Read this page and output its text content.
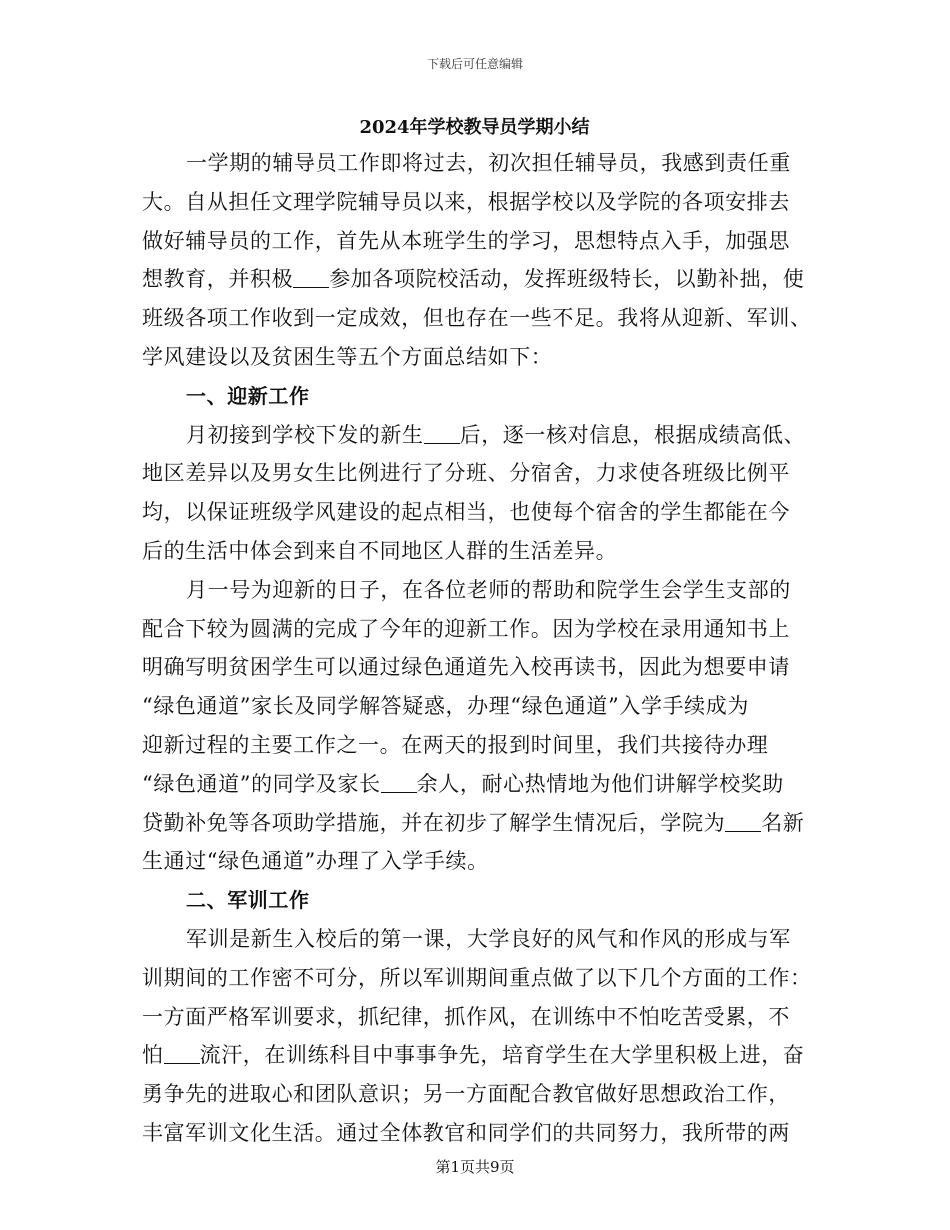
下载后可任意编辑
2024年学校教导员学期小结
一学期的辅导员工作即将过去，初次担任辅导员，我感到责任重
大。自从担任文理学院辅导员以来，根据学校以及学院的各项安排去
做好辅导员的工作，首先从本班学生的学习，思想特点入手，加强思
想教育，并积极 参加各项院校活动，发挥班级特长，以勤补拙，使
班级各项工作收到一定成效，但也存在一些不足。我将从迎新、军训、
学风建设以及贫困生等五个方面总结如下：
一、迎新工作
月初接到学校下发的新生 后，逐一核对信息，根据成绩高低、
地区差异以及男女生比例进行了分班、分宿舍，力求使各班级比例平
均，以保证班级学风建设的起点相当，也使每个宿舍的学生都能在今
后的生活中体会到来自不同地区人群的生活差异。
月一号为迎新的日子，在各位老师的帮助和院学生会学生支部的
配合下较为圆满的完成了今年的迎新工作。因为学校在录用通知书上
明确写明贫困学生可以通过绿色通道先入校再读书，因此为想要申请
“绿色通道”家长及同学解答疑惑，办理“绿色通道”入学手续成为
迎新过程的主要工作之一。在两天的报到时间里，我们共接待办理
“绿色通道”的同学及家长 余人，耐心热情地为他们讲解学校奖助
贷勤补免等各项助学措施，并在初步了解学生情况后，学院为 名新
生通过“绿色通道”办理了入学手续。
二、军训工作
军训是新生入校后的第一课，大学良好的风气和作风的形成与军
训期间的工作密不可分，所以军训期间重点做了以下几个方面的工作：
一方面严格军训要求，抓纪律，抓作风，在训练中不怕吃苦受累，不
怕 流汗，在训练科目中事事争先，培育学生在大学里积极上进，奋
勇争先的进取心和团队意识；另一方面配合教官做好思想政治工作，
丰富军训文化生活。通过全体教官和同学们的共同努力，我所带的两
第1页共9页
